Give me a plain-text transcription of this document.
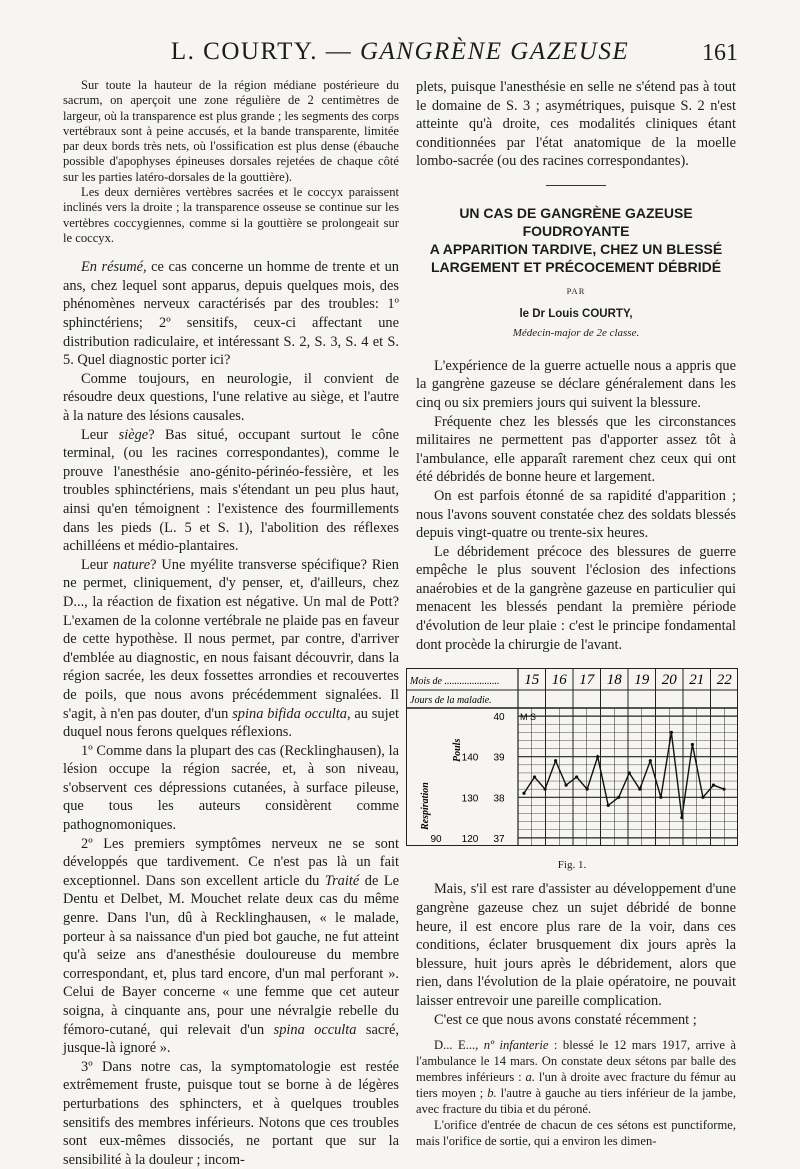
L. COURTY. — GANGRÈNE GAZEUSE	161

Sur toute la hauteur de la région médiane postérieure du sacrum, on aperçoit une zone régulière de 2 centimètres de largeur, où la transparence est plus grande ; les segments des corps vertébraux sont à peine accusés, et la bande transparente, limitée par deux bords très nets, où l'ossification est plus dense (ébauche possible d'apophyses épineuses dorsales rejetées de chaque côté sur les parties latéro-dorsales de la gouttière).

Les deux dernières vertèbres sacrées et le coccyx paraissent inclinés vers la droite ; la transparence osseuse se continue sur les vertèbres coccygiennes, comme si la gouttière se prolongeait sur le coccyx.

En résumé, ce cas concerne un homme de trente et un ans, chez lequel sont apparus, depuis quelques mois, des phénomènes nerveux caractérisés par des troubles: 1º sphinctériens; 2º sensitifs, ceux-ci affectant une distribution radiculaire, et intéressant S. 2, S. 3, S. 4 et S. 5. Quel diagnostic porter ici?

Comme toujours, en neurologie, il convient de résoudre deux questions, l'une relative au siège, et l'autre à la nature des lésions causales.

Leur siège? Bas situé, occupant surtout le cône terminal, (ou les racines correspondantes), comme le prouve l'anesthésie ano-génito-périnéo-fessière, et les troubles sphinctériens, mais s'étendant un peu plus haut, ainsi qu'en témoignent : l'existence des fourmillements dans les pieds (L. 5 et S. 1), l'abolition des réflexes achilléens et médio-plantaires.

Leur nature? Une myélite transverse spécifique? Rien ne permet, cliniquement, d'y penser, et, d'ailleurs, chez D..., la réaction de fixation est négative. Un mal de Pott? L'examen de la colonne vertébrale ne plaide pas en faveur de cette hypothèse. Il nous permet, par contre, d'arriver d'emblée au diagnostic, en nous faisant découvrir, dans la région sacrée, les deux fossettes arrondies et recouvertes de poils, que nous avons précédemment signalées. Il s'agit, à n'en pas douter, d'un spina bifida occulta, au sujet duquel nous ferons quelques réflexions.

1º Comme dans la plupart des cas (Recklinghausen), la lésion occupe la région sacrée, et, à son niveau, s'observent ces dépressions cutanées, à surface pileuse, que tous les auteurs considèrent comme pathognomoniques.

2º Les premiers symptômes nerveux ne se sont développés que tardivement. Ce n'est pas là un fait exceptionnel. Dans son excellent article du Traité de Le Dentu et Delbet, M. Mouchet relate deux cas du même genre. Dans l'un, dû à Recklinghausen, « le malade, porteur à sa naissance d'un pied bot gauche, ne fut atteint qu'à seize ans d'anesthésie douloureuse du membre correspondant, et, plus tard encore, d'un mal perforant ». Celui de Bayer concerne « une femme que cet auteur soigna, à cinquante ans, pour une névralgie rebelle du fémoro-cutané, qui relevait d'un spina occulta sacré, jusque-là ignoré ».

3º Dans notre cas, la symptomatologie est restée extrêmement fruste, puisque tout se borne à de légères perturbations des sphincters, et à quelques troubles sensitifs des membres inférieurs. Notons que ces troubles sont eux-mêmes dissociés, ne portant que sur la sensibilité à la douleur ; incom-

plets, puisque l'anesthésie en selle ne s'étend pas à tout le domaine de S. 3 ; asymétriques, puisque S. 2 n'est atteinte qu'à droite, ces modalités cliniques étant conditionnées par l'état anatomique de la moelle lombo-sacrée (ou des racines correspondantes).

UN CAS DE GANGRÈNE GAZEUSE FOUDROYANTE
A APPARITION TARDIVE, CHEZ UN BLESSÉ
LARGEMENT ET PRÉCOCEMENT DÉBRIDÉ
PAR
le Dr Louis COURTY,
Médecin-major de 2e classe.

L'expérience de la guerre actuelle nous a appris que la gangrène gazeuse se déclare généralement dans les cinq ou six premiers jours qui suivent la blessure.

Fréquente chez les blessés que les circonstances militaires ne permettent pas d'apporter assez tôt à l'ambulance, elle apparaît rarement chez ceux qui ont été débridés de bonne heure et largement.

On est parfois étonné de sa rapidité d'apparition ; nous l'avons souvent constatée chez des soldats blessés depuis vingt-quatre ou trente-six heures.

Le débridement précoce des blessures de guerre empêche le plus souvent l'éclosion des infections anaérobies et de la gangrène gazeuse en particulier qui menacent les blessés pendant la première période d'évolution de leur plaie : c'est le principe fondamental dont procède la chirurgie de l'avant.

Mois de ......................
Jours de la maladie.
15 16 17 18 19 20 21 22
40
39
140
38
130
37
120
90
Respiration
Pouls
M S
Fig. 1.

Mais, s'il est rare d'assister au développement d'une gangrène gazeuse chez un sujet débridé de bonne heure, il est encore plus rare de la voir, dans ces conditions, éclater brusquement dix jours après la blessure, huit jours après le débridement, alors que rien, dans l'évolution de la plaie opératoire, ne pouvait laisser entrevoir une pareille complication.

C'est ce que nous avons constaté récemment ;

D... E..., nº infanterie : blessé le 12 mars 1917, arrive à l'ambulance le 14 mars. On constate deux sétons par balle des membres inférieurs : a. l'un à droite avec fracture du fémur au tiers moyen ; b. l'autre à gauche au tiers inférieur de la jambe, avec fracture du tibia et du péroné.

L'orifice d'entrée de chacun de ces sétons est punctiforme, mais l'orifice de sortie, qui a environ les dimen-
